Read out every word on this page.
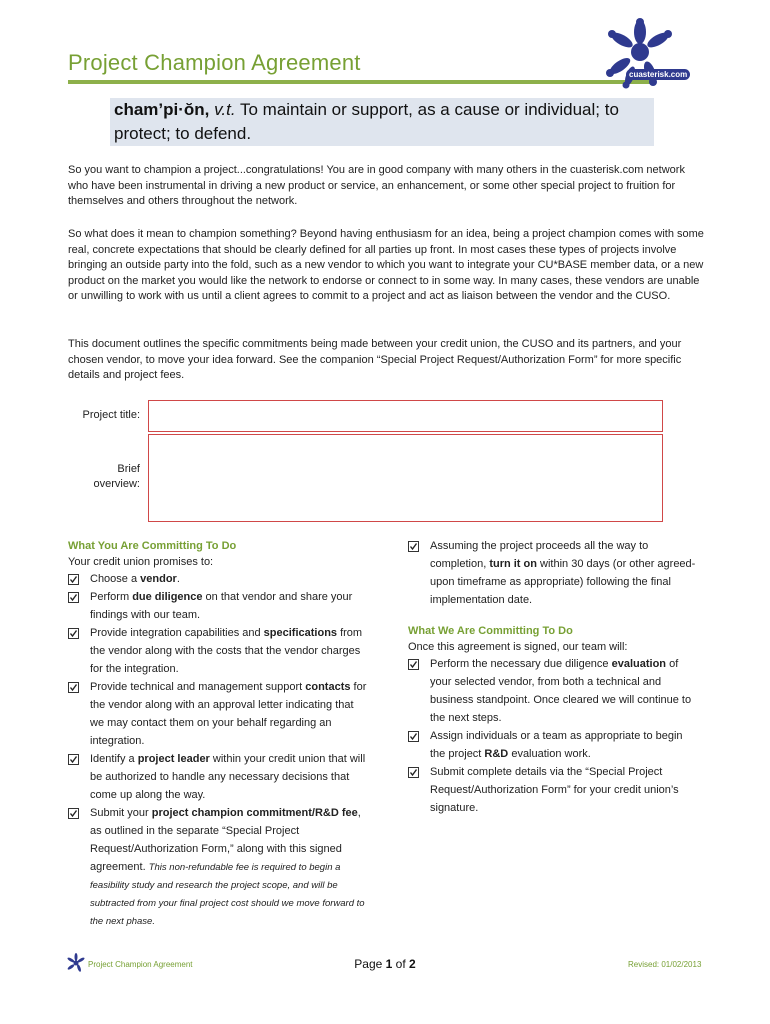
Project Champion Agreement	cuasterisk.com
cham’pi·ŏn, v.t. To maintain or support, as a cause or individual; to protect; to defend.
So you want to champion a project...congratulations! You are in good company with many others in the cuasterisk.com network who have been instrumental in driving a new product or service, an enhancement, or some other special project to fruition for themselves and others throughout the network.
So what does it mean to champion something? Beyond having enthusiasm for an idea, being a project champion comes with some real, concrete expectations that should be clearly defined for all parties up front. In most cases these types of projects involve bringing an outside party into the fold, such as a new vendor to which you want to integrate your CU*BASE member data, or a new product on the market you would like the network to endorse or connect to in some way. In many cases, these vendors are unable or unwilling to work with us until a client agrees to commit to a project and act as liaison between the vendor and the CUSO.
This document outlines the specific commitments being made between your credit union, the CUSO and its partners, and your chosen vendor, to move your idea forward. See the companion “Special Project Request/Authorization Form” for more specific details and project fees.
Project title:
Brief
overview:
What You Are Committing To Do
Your credit union promises to:
Choose a vendor.
Perform due diligence on that vendor and share your findings with our team.
Provide integration capabilities and specifications from the vendor along with the costs that the vendor charges for the integration.
Provide technical and management support contacts for the vendor along with an approval letter indicating that we may contact them on your behalf regarding an integration.
Identify a project leader within your credit union that will be authorized to handle any necessary decisions that come up along the way.
Submit your project champion commitment/R&D fee, as outlined in the separate “Special Project Request/Authorization Form,” along with this signed agreement. This non-refundable fee is required to begin a feasibility study and research the project scope, and will be subtracted from your final project cost should we move forward to the next phase.
Assuming the project proceeds all the way to completion, turn it on within 30 days (or other agreed-upon timeframe as appropriate) following the final implementation date.
What We Are Committing To Do
Once this agreement is signed, our team will:
Perform the necessary due diligence evaluation of your selected vendor, from both a technical and business standpoint. Once cleared we will continue to the next steps.
Assign individuals or a team as appropriate to begin the project R&D evaluation work.
Submit complete details via the “Special Project Request/Authorization Form” for your credit union’s signature.
Project Champion Agreement	Page 1 of 2	Revised: 01/02/2013
